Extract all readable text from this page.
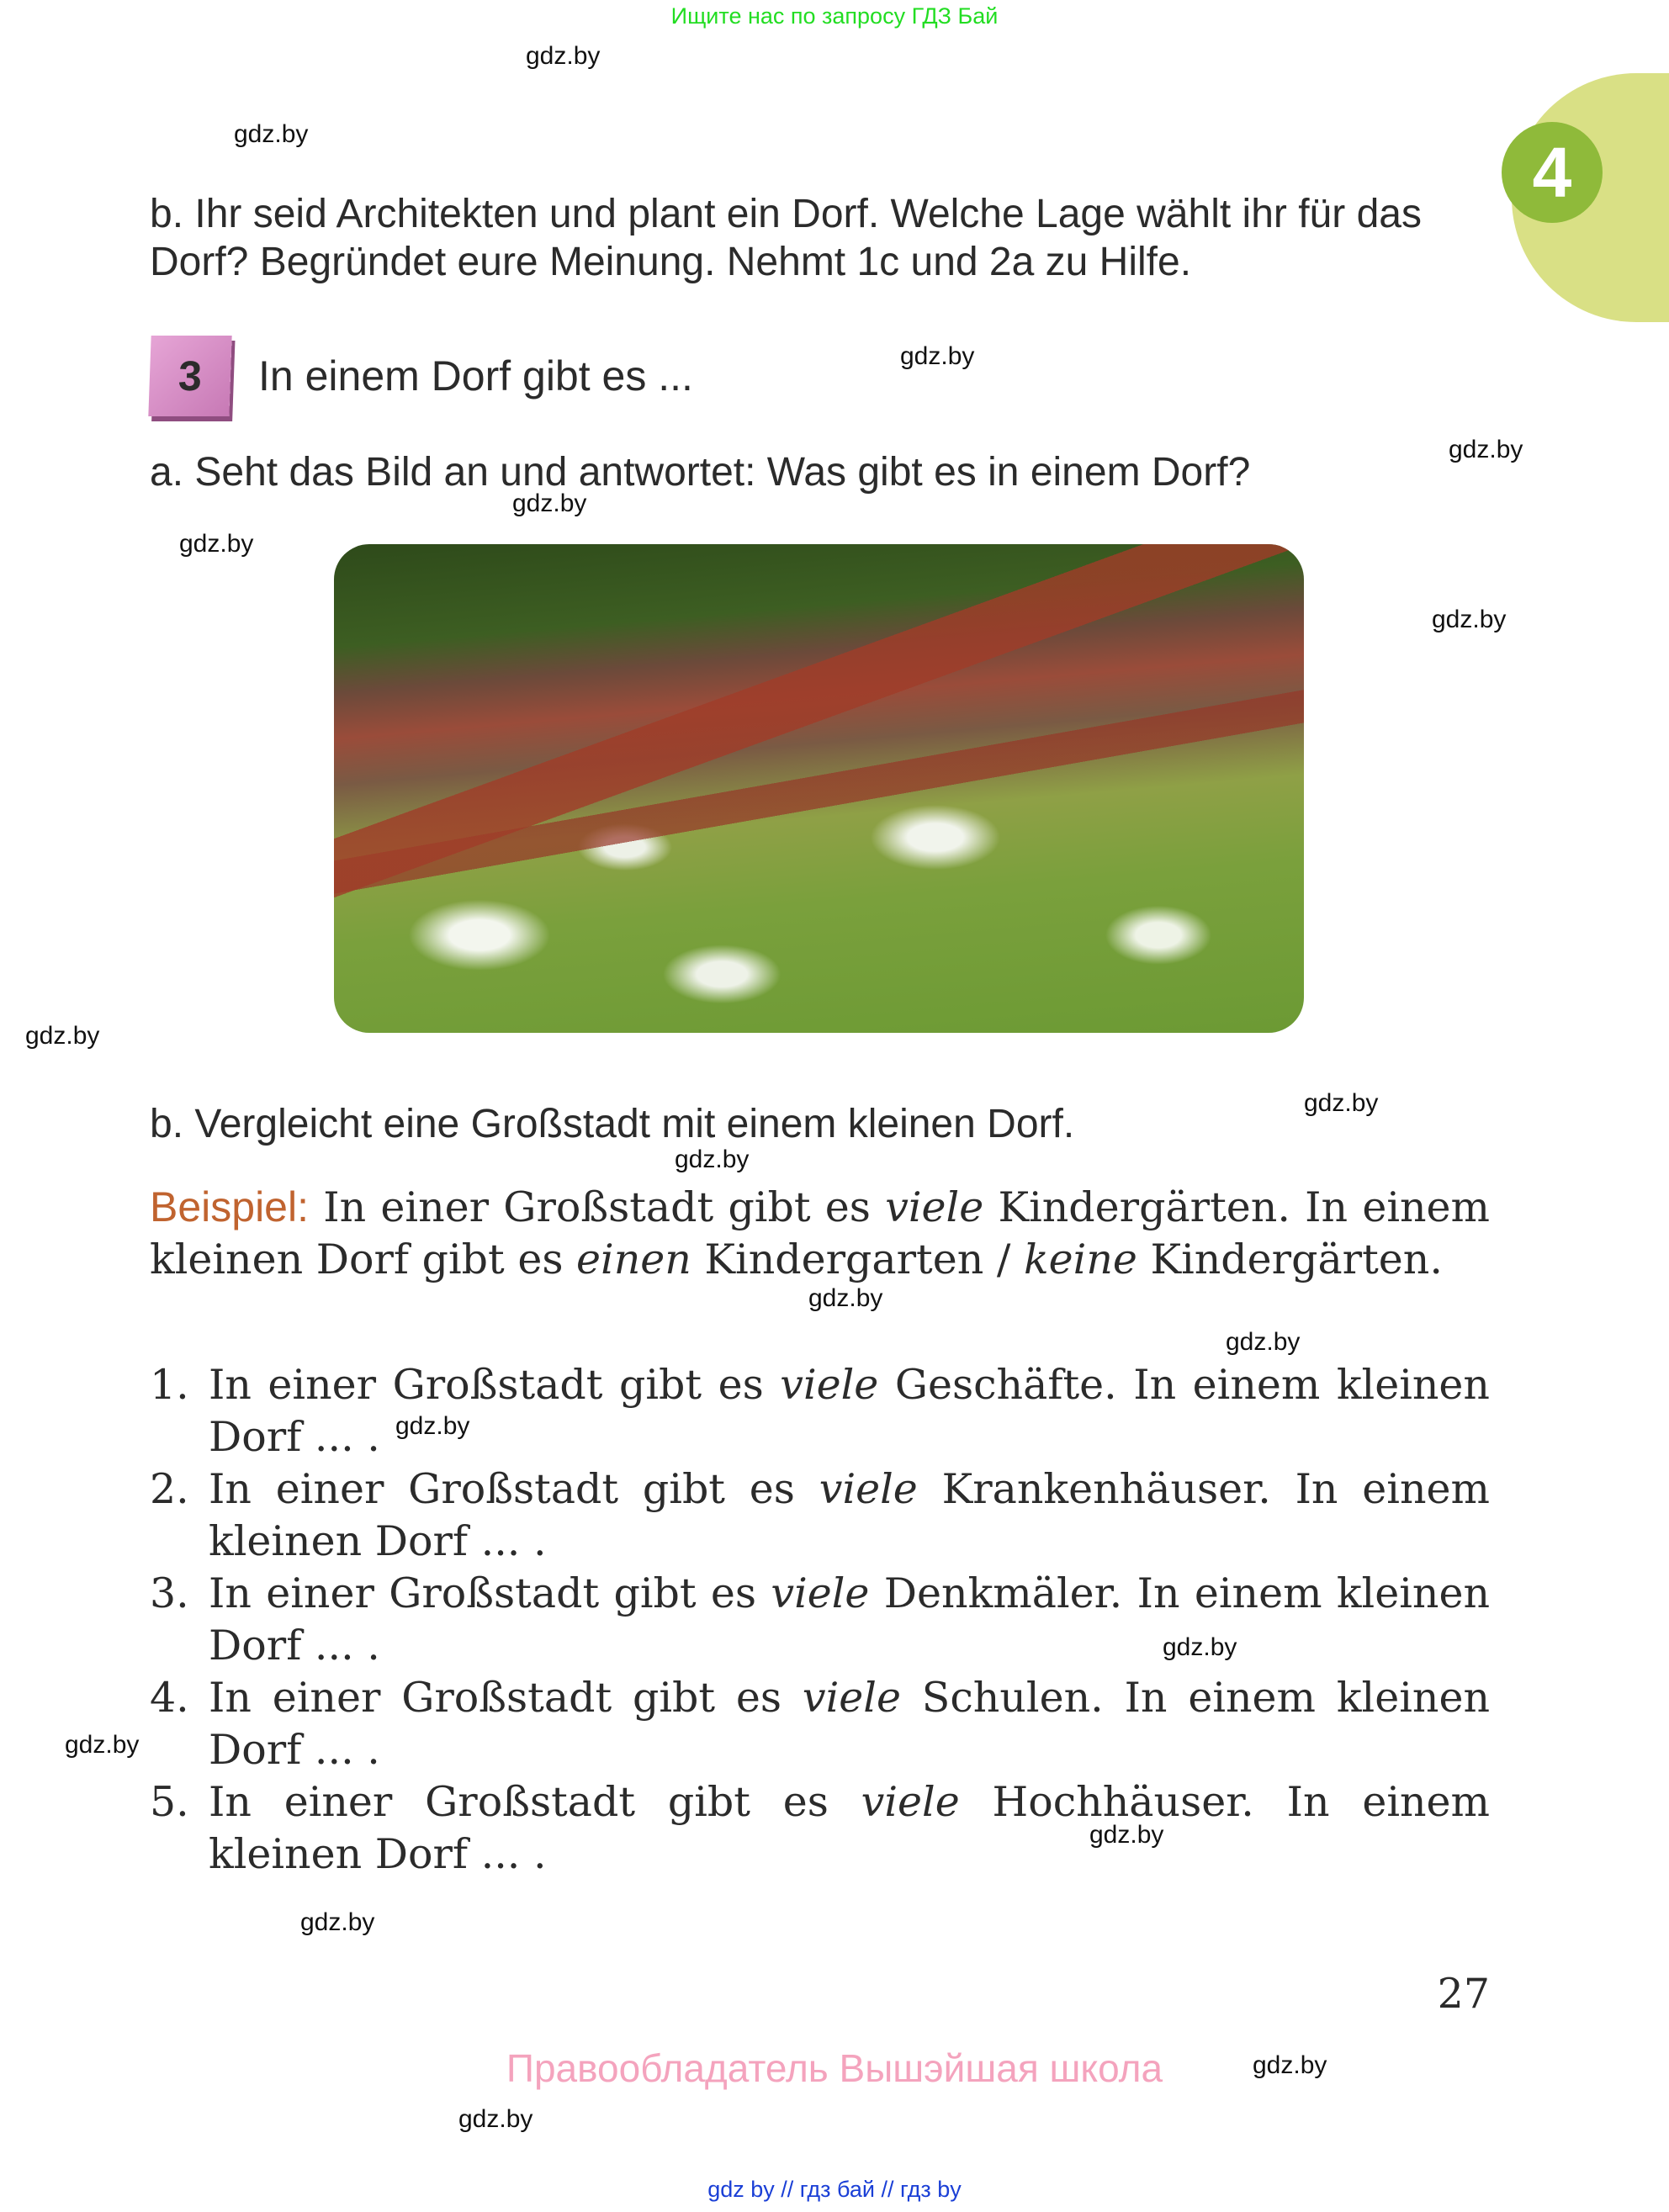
Ищите нас по запросу ГДЗ Бай
4
b. Ihr seid Architekten und plant ein Dorf. Welche Lage wählt ihr für das Dorf? Begründet eure Meinung. Nehmt 1c und 2a zu Hilfe.
3	In einem Dorf gibt es ...
a. Seht das Bild an und antwortet: Was gibt es in einem Dorf?
b. Vergleicht eine Großstadt mit einem kleinen Dorf.
Beispiel: In einer Großstadt gibt es viele Kindergärten. In einem kleinen Dorf gibt es einen Kindergarten / keine Kindergärten.
1. In einer Großstadt gibt es viele Geschäfte. In einem kleinen Dorf ... .
2. In einer Großstadt gibt es viele Krankenhäuser. In einem kleinen Dorf ... .
3. In einer Großstadt gibt es viele Denkmäler. In einem kleinen Dorf ... .
4. In einer Großstadt gibt es viele Schulen. In einem kleinen Dorf ... .
5. In einer Großstadt gibt es viele Hochhäuser. In einem kleinen Dorf ... .
27
Правообладатель Вышэйшая школа
gdz by // гдз бай // гдз by
gdz.by
gdz.by
gdz.by
gdz.by
gdz.by
gdz.by
gdz.by
gdz.by
gdz.by
gdz.by
gdz.by
gdz.by
gdz.by
gdz.by
gdz.by
gdz.by
gdz.by
gdz.by
gdz.by
